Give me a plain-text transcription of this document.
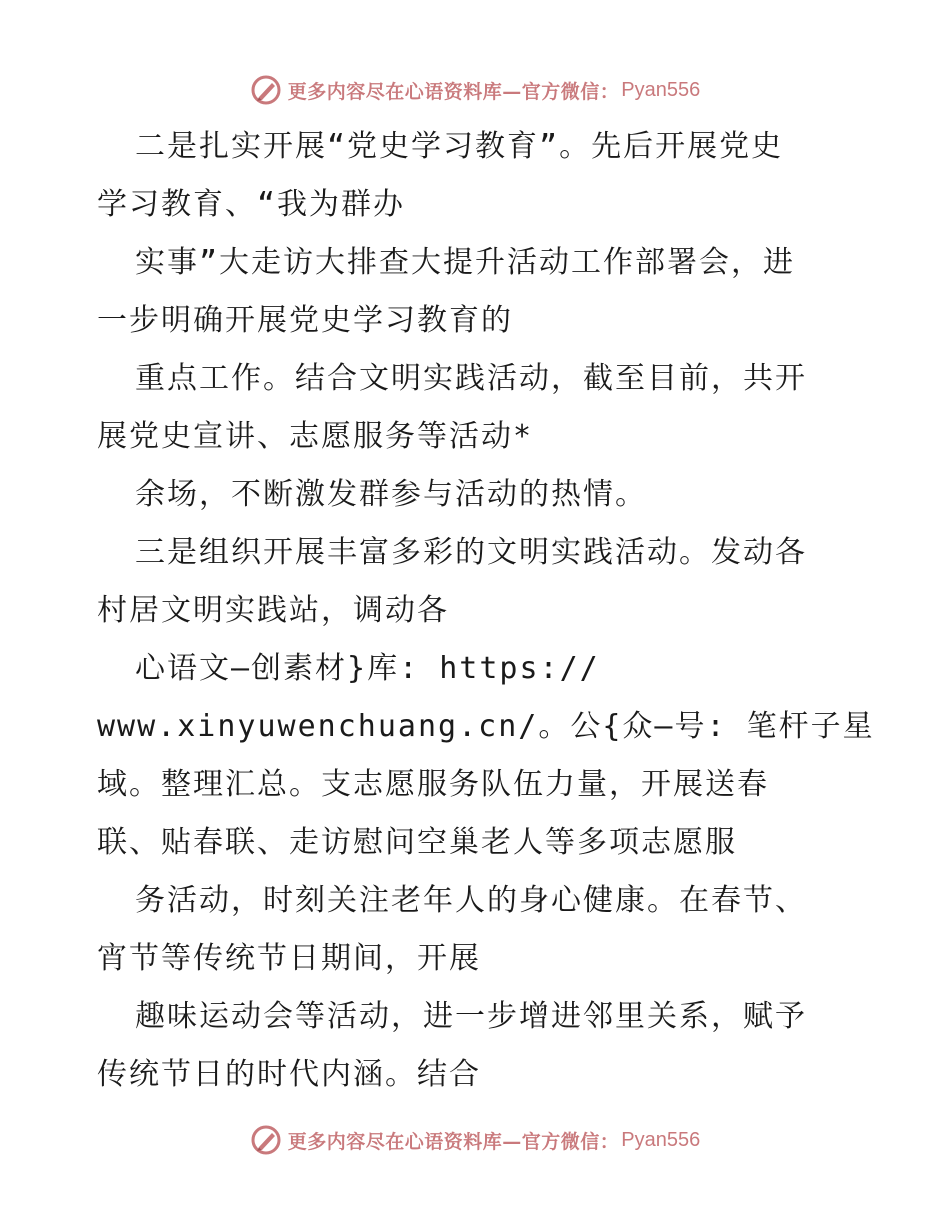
更多内容尽在心语资料库—官方微信： Pyan556
二是扎实开展“党史学习教育”。先后开展党史
学习教育、“我为群办
实事”大走访大排查大提升活动工作部署会，进
一步明确开展党史学习教育的
重点工作。结合文明实践活动，截至目前，共开
展党史宣讲、志愿服务等活动*
余场，不断激发群参与活动的热情。
三是组织开展丰富多彩的文明实践活动。发动各
村居文明实践站，调动各
心语文—创素材}库: https://
www.xinyuwenchuang.cn/。公{众—号: 笔杆子星
域。整理汇总。支志愿服务队伍力量，开展送春
联、贴春联、走访慰问空巢老人等多项志愿服
务活动，时刻关注老年人的身心健康。在春节、
宵节等传统节日期间，开展
趣味运动会等活动，进一步增进邻里关系，赋予
传统节日的时代内涵。结合
更多内容尽在心语资料库—官方微信： Pyan556
